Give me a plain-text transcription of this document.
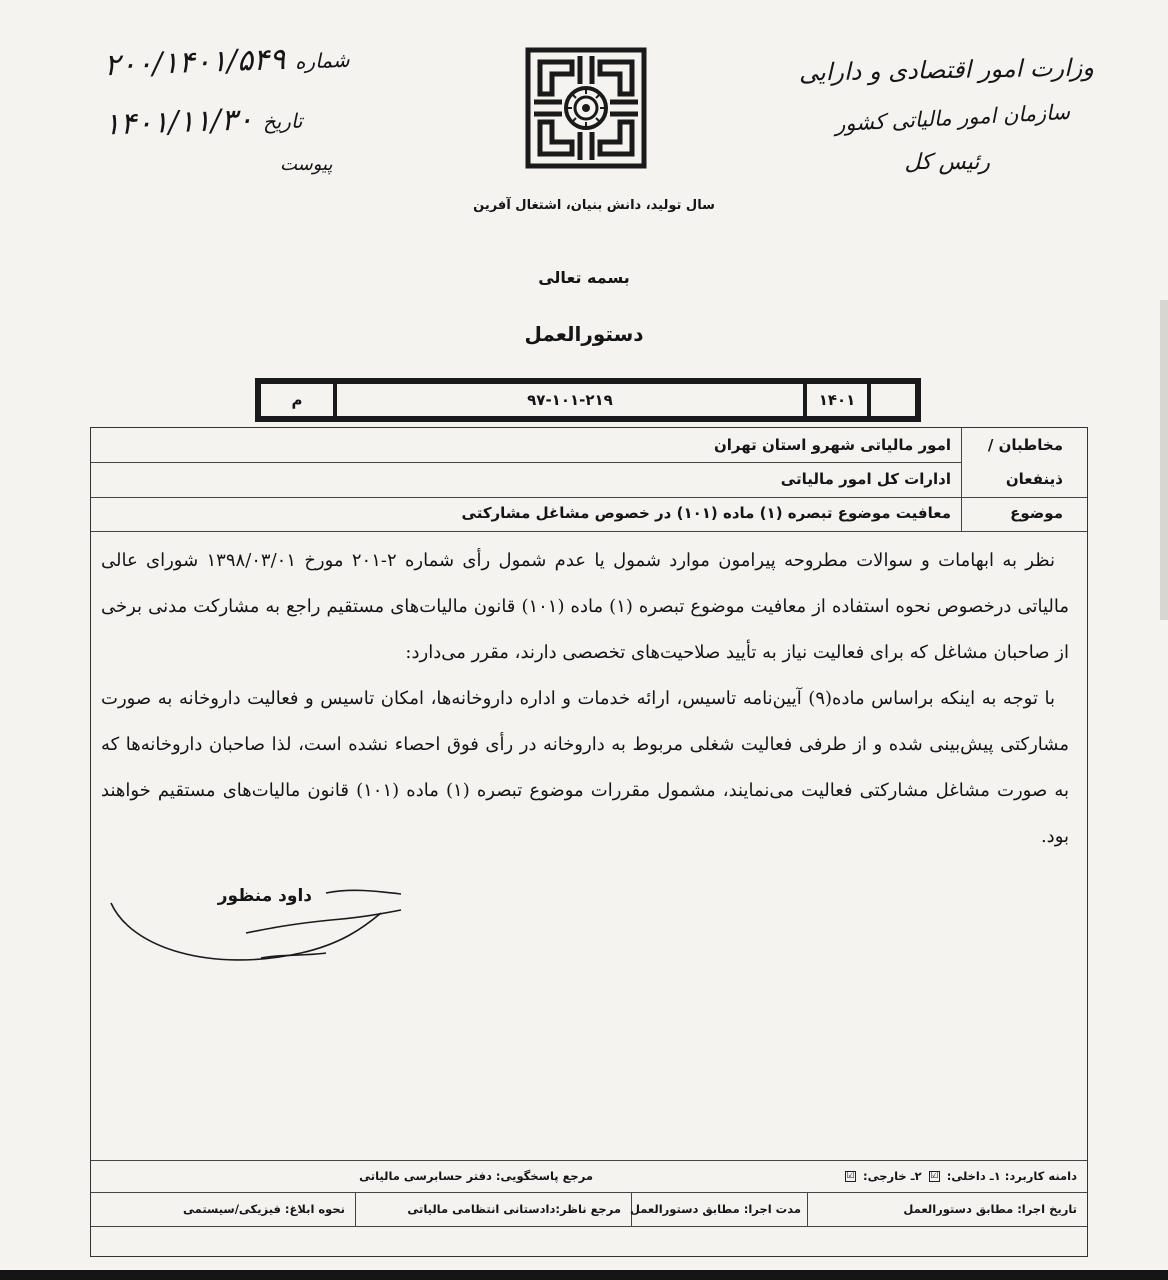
وزارت امور اقتصادی و دارایی
سازمان امور مالیاتی کشور
رئیس کل
شماره ۲۰۰/۱۴۰۱/۵۴۹
تاریخ ۱۴۰۱/۱۱/۳۰
پیوست
سال تولید، دانش بنیان، اشتغال آفرین
بسمه تعالی
دستورالعمل
م	۹۷-۱۰۱-۲۱۹	۱۴۰۱
مخاطبان /
ذینفعان
امور مالیاتی شهرو استان تهران
ادارات کل امور مالیاتی
موضوع
معافیت موضوع تبصره (۱) ماده (۱۰۱) در خصوص مشاغل مشارکتی

نظر به ابهامات و سوالات مطروحه پیرامون موارد شمول یا عدم شمول رأی شماره ۲-۲۰۱ مورخ ۱۳۹۸/۰۳/۰۱ شورای عالی مالیاتی درخصوص نحوه استفاده از معافیت موضوع تبصره (۱) ماده (۱۰۱) قانون مالیات‌های مستقیم راجع به مشارکت مدنی برخی از صاحبان مشاغل که برای فعالیت نیاز به تأیید صلاحیت‌های تخصصی دارند، مقرر می‌دارد:

با توجه به اینکه براساس ماده(۹) آیین‌نامه تاسیس، ارائه خدمات و اداره داروخانه‌ها، امکان تاسیس و فعالیت داروخانه به صورت مشارکتی پیش‌بینی شده و از طرفی فعالیت شغلی مربوط به داروخانه در رأی فوق احصاء نشده است، لذا صاحبان داروخانه‌ها که به صورت مشاغل مشارکتی فعالیت می‌نمایند، مشمول مقررات موضوع تبصره (۱) ماده (۱۰۱) قانون مالیات‌های مستقیم خواهند بود.

داود منظور
دامنه کاربرد: ۱ـ داخلی: ☑ ۲ـ خارجی: ☑
مرجع پاسخگویی: دفتر حسابرسی مالیاتی
تاریخ اجرا: مطابق دستورالعمل
مدت اجرا: مطابق دستورالعمل
مرجع ناظر:دادستانی انتظامی مالیاتی
نحوه ابلاغ: فیزیکی/سیستمی
